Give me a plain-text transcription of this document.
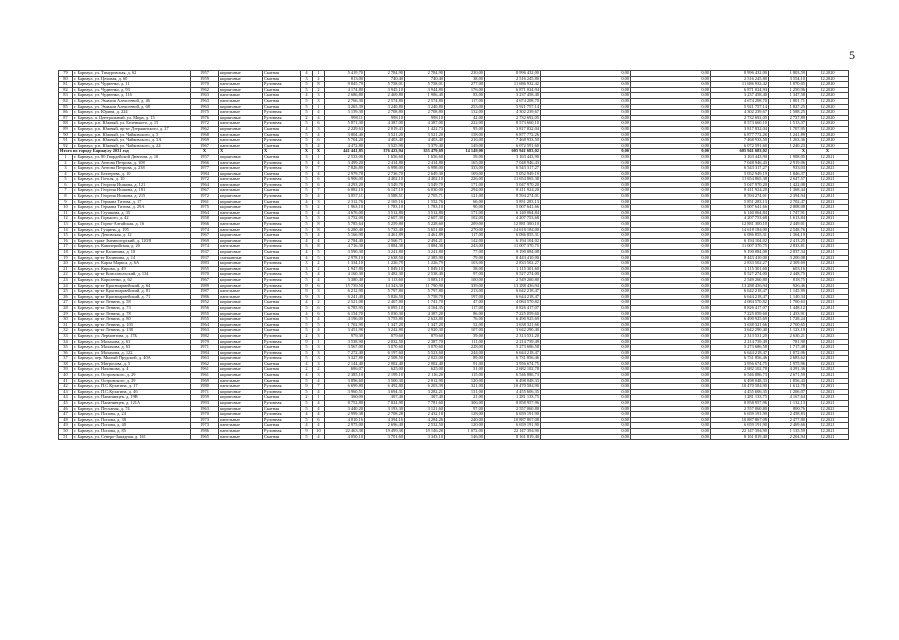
5
79	г. Барнаул, ул. Тимуровская, д. 62	1957	кирпичные	Скатная	4	1	5 419,70	2 784,90	2 784,90	230,00	8 996 432,00	0,00	0,00	8 996 432,00	1 803,59	12.2020
80	г. Барнаул, ул. Цеховая, д. 60	1959	кирпичные	Скатная	3	2	813,00	740,40	740,40	38,00	2 516 245,80	0,00	0,00	2 516 245,80	3 554,10	12.2020
81	г. Барнаул, ул. Чудненко, д. 11	1970	панельные	Рулонная	5	8	9 845,79	5 758,01	5 758,01	277,00	11 686 932,42	0,00	0,00	11 686 932,42	1 070,05	12.2020
82	г. Барнаул, ул. Чудненко, д. 93	1962	кирпичные	Скатная	5	2	4 174,80	3 945,10	3 944,80	176,00	6 871 024,94	0,00	0,00	6 871 024,94	1 250,96	12.2020
83	г. Барнаул, ул. Чудненко, д. 116	1963	панельные	Скатная	4	3	2 686,80	2 469,80	1 986,40	83,00	3 237 458,40	0,00	0,00	3 237 458,40	1 347,58	12.2020
84	г. Барнаул, ул. Эмилии Алексеевой, д. 46	1963	панельные	Скатная	5	3	2 766,30	2 574,80	2 574,80	117,00	4 674 208,70	0,00	0,00	4 674 208,70	1 801,71	12.2020
85	г. Барнаул, ул. Эмилии Алексеевой, д. 68	1963	кирпичные	Скатная	5	1	3 265,39	3 240,80	3 240,80	253,00	5 921 757,14	0,00	0,00	5 921 757,14	1 827,25	12.2020
86	г. Барнаул, ул. Юрина, д. 224	1975	панельные	Рулонная	5	4	3 159,30	2 708,80	2 708,80	132,00	4 302 239,67	0,00	0,00	4 302 239,67	1 588,25	12.2020
87	г. Барнаул, п. Центральный, ул. Мира, д. 15	1976	кирпичные	Рулонная	2	4	998,11	998,10	998,10	42,00	2 732 692,05	0,00	0,00	2 732 692,05	2 737,89	12.2020
88	г. Барнаул, р.п. Южный, ул. Беленького, д. 15	1972	панельные	Рулонная	5	6	5 871,30	4 387,00	4 387,00	222,00	8 573 660,10	0,00	0,00	8 573 660,10	1 513,37	12.2020
89	г. Барнаул, р.п. Южный, пр-кт Дзержинского, д. 27	1962	кирпичные	Скатная	4	3	2 229,63	2 019,43	1 422,73	95,00	3 817 832,04	0,00	0,00	3 817 832,04	1 707,95	12.2020
90	г. Барнаул, р.п. Южный, ул. Чайковского, д. 5	1968	панельные	Скатная	5	4	3 804,40	3 521,20	3 521,20	158,00	6 877 772,26	0,00	0,00	6 877 772,26	1 241,89	12.2020
91	г. Барнаул, р.п. Южный, ул. Чайковского, д. 5А	1969	панельные	Рулонная	5	6	5 704,20	4 403,40	4 403,40	216,00	7 468 933,50	0,00	0,00	7 468 933,50	1 263,36	12.2020
92	г. Барнаул, р.п. Южный, ул. Чайковского, д. 24	1967	панельные	Скатная	5	4	4 472,80	3 525,90	3 379,40	149,00	6 072 591,60	0,00	0,00	6 072 591,60	1 240,23	12.2020
Итого по городу Барнаулу 2031 год		X	X	X	X	X	441 441,85	376 423,94	355 479,69	14 149,00	605 941 683,02	0,00	0,00	605 941 683,02	X	X
1	г. Барнаул, ул. 80 Гвардейской Дивизии, д. 10	1957	кирпичные	Скатная	3	1	2 533,00	1 656,60	1 656,60	59,00	3 163 443,90	0,00	0,00	3 163 443,90	1 908,05	12.2021
2	г. Барнаул, ул. Антона Петрова, д. 108	1966	панельные	Рулонная	5	4	3 499,20	2 414,80	2 414,80	165,00	7 048 946,43	0,00	0,00	7 048 946,43	2 919,06	12.2021
3	г. Барнаул, ул. Антона Петрова, д. 238	1977	панельные	Рулонная	9	7	7 826,80	6 998,00	6 998,00	333,00	6 543 317,27	0,00	0,00	6 543 317,27	933,03	12.2021
4	г. Барнаул, ул. Бехтерева, д. 10	1984	кирпичные	Скатная	5	4	2 979,78	2 736,70	2 649,30	109,00	5 052 949,19	0,00	0,00	5 052 949,19	1 846,37	12.2021
5	г. Барнаул, ул. Гоголя, д. 10	1972	панельные	Рулонная	5	6	6 906,00	4 402,10	4 402,10	226,00	11 654 865,38	0,00	0,00	11 654 865,38	2 647,57	12.2021
6	г. Барнаул, ул. Георгия Исакова, д. 121	1964	панельные	Рулонная	5	6	4 293,20	3 549,70	3 549,70	171,00	5 047 970,20	0,00	0,00	5 047 970,20	1 422,08	12.2021
7	г. Барнаул, ул. Георгия Исакова, д. 181	1967	панельные	Скатная	5	7	6 882,10	6 147,10	6 030,00	294,00	8 411 924,20	0,00	0,00	8 411 924,20	1 368,44	12.2021
8	г. Барнаул, ул. Георгия Исакова, д. 215	1972	кирпичные	Рулонная	5	4	3 857,11	3 588,51	2 705,71	121,00	8 594 274,01	0,00	0,00	8 594 274,01	2 394,94	12.2021
9	г. Барнаул, ул. Германа Титова, д. 17	1961	кирпичные	Скатная	4	3	2 312,76	2 165,16	1 552,76	66,00	5 851 283,13	0,00	0,00	5 851 283,13	2 702,47	12.2021
10	г. Барнаул, ул. Германа Титова, д. 29А	1975	кирпичные	Рулонная	5	2	1 963,10	1 783,10	1 783,10	90,00	5 007 641,66	0,00	0,00	5 007 641,66	2 808,08	12.2021
11	г. Барнаул, ул. Глушкова, д. 35	1964	панельные	Скатная	5	4	4 676,00	3 512,80	3 512,80	171,00	6 140 064,84	0,00	0,00	6 140 064,84	1 747,91	12.2021
12	г. Барнаул, ул. Горького, д. 42	1958	кирпичные	Скатная	5	3	3 752,00	2 607,30	2 607,30	102,00	4 207 753,68	0,00	0,00	4 207 753,68	1 613,84	12.2021
13	г. Барнаул, ул. Горно-Алтайская, д. 16	1966	панельные	Рулонная	5	8	5 785,64	5 259,80	5 228,60	209,00	12 881 300,10	0,00	0,00	12 881 300,10	2 449,01	12.2021
14	г. Барнаул, ул. Гущина, д. 195	1974	панельные	Рулонная	5	8	6 280,40	5 735,40	5 651,80	270,00	14 618 184,00	0,00	0,00	14 618 184,00	2 548,76	12.2021
15	г. Барнаул, ул. Деповская, д. 12	1967	кирпичные	Скатная	5	4	5 166,90	4 461,89	4 461,89	117,00	6 086 855,31	0,00	0,00	6 086 855,31	1 364,19	12.2021
16	г. Барнаул, тракт Змеиногорский, д. 120/8	1969	кирпичные	Рулонная	4	4	2 784,40	2 566,71	2 494,21	142,00	6 194 104,02	0,00	0,00	6 194 104,02	2 413,25	12.2021
17	г. Барнаул, ул. Кавалерийская, д. 20	1974	панельные	Рулонная	5	8	4 716,30	3 884,30	3 884,30	243,00	11 007 370,75	0,00	0,00	11 007 370,75	2 833,81	12.2021
18	г. Барнаул, пр-кт Калинина, д. 10	1937	кирпичные	Скатная	4	5	3 590,30	3 241,80	3 241,80	77,00	9 190 084,08	0,00	0,00	9 190 084,08	2 837,34	12.2021
19	г. Барнаул, пр-кт Калинина, д. 14	1937	смешанные	Скатная	4	5	2 978,10	2 638,50	2 385,90	79,00	8 443 410,00	0,00	0,00	8 443 410,00	3 200,08	12.2021
20	г. Барнаул, ул. Карла Маркса, д. 6А	1983	кирпичные	Рулонная	3	2	1 334,10	1 226,79	1 226,79	103,00	2 833 502,27	0,00	0,00	2 833 502,27	2 309,69	12.2021
21	г. Барнаул, ул. Кирова, д. 49	1955	кирпичные	Скатная	3	2	1 947,80	1 849,10	1 849,10	58,00	1 115 301,60	0,00	0,00	1 115 301,60	603,16	12.2021
22	г. Барнаул, пр-кт Комсомольский, д. 134	1970	кирпичные	Рулонная	5	4	4 160,30	3 482,30	2 538,40	97,00	8 527 274,00	0,00	0,00	8 527 274,00	2 448,75	12.2021
23	г. Барнаул, ул. Короленко, д. 62	1967	кирпичные	Рулонная	5	4	3 380,40	3 113,60	3 083,10	100,00	2 549 260,80	0,00	0,00	2 549 260,80	818,75	12.2021
24	г. Барнаул, пр-кт Красноармейский, д. 64	1989	кирпичные	Рулонная	9	6	15 739,50	14 343,30	11 790,90	339,00	13 288 436,94	0,00	0,00	13 288 436,94	926,46	12.2021
25	г. Барнаул, пр-кт Красноармейский, д. 81	1987	панельные	Рулонная	9	3	6 212,90	5 797,80	5 797,80	213,00	6 642 218,47	0,00	0,00	6 642 218,47	1 145,99	12.2021
26	г. Барнаул, пр-кт Красноармейский, д. 71	1986	панельные	Рулонная	9	3	6 241,40	5 826,50	5 758,70	197,00	6 644 218,47	0,00	0,00	6 644 218,47	1 140,34	12.2021
27	г. Барнаул, пр-кт Ленина, д. 58	1952	кирпичные	Скатная	4	2	2 521,08	2 407,80	1 741,70	47,00	4 084 570,82	0,00	0,00	4 084 570,82	1 700,63	12.2021
28	г. Барнаул, пр-кт Ленина, д. 73	1956	кирпичные	Скатная	5	6	6 785,95	6 095,10	4 164,35	117,00	8 826 417,07	0,00	0,00	8 826 417,07	1 448,12	12.2021
29	г. Барнаул, пр-кт Ленина, д. 78	1955	кирпичные	Скатная	4	6	6 154,70	5 030,30	4 387,20	86,00	7 225 059,60	0,00	0,00	7 225 059,60	1 433,91	12.2021
30	г. Барнаул, пр-кт Ленина, д. 80	1955	кирпичные	Скатная	5	4	4 196,00	3 755,80	2 623,80	76,00	6 490 925,69	0,00	0,00	6 490 925,69	1 728,24	12.2021
31	г. Барнаул, пр-кт Ленина, д. 103	1964	кирпичные	Скатная	5	5	1 702,90	1 347,20	1 347,20	52,00	3 638 321,66	0,00	0,00	3 638 321,66	2 700,65	12.2021
32	г. Барнаул, пр-кт Ленина, д. 138	1963	кирпичные	Скатная	5	4	3 451,98	3 242,80	2 920,30	107,00	3 642 290,40	0,00	0,00	3 642 290,40	1 123,19	12.2021
33	г. Барнаул, ул. Лермонтова, д. 17Б	1982	кирпичные	Рулонная	2	3	979,30	879,60	879,60	39,00	2 313 531,20	0,00	0,00	2 313 531,20	2 630,21	12.2021
34	г. Барнаул, ул. Малахова, д. 61	1979	кирпичные	Рулонная	9	1	3 538,90	2 832,50	2 387,70	111,00	2 214 739,49	0,00	0,00	2 214 739,49	781,90	12.2021
35	г. Барнаул, ул. Малахова, д. 63	1971	кирпичные	Скатная	5	3	3 567,00	3 070,60	3 070,60	228,00	5 273 686,58	0,00	0,00	5 273 686,58	1 717,48	12.2021
36	г. Барнаул, ул. Малахова, д. 122	1984	кирпичные	Рулонная	5	3	7 272,40	6 197,60	5 523,60	244,00	6 644 218,47	0,00	0,00	6 644 218,47	1 072,06	12.2021
37	г. Барнаул, пер. Мылый Прудской, д. 40А	1963	кирпичные	Рулонная	5	3	3 327,80	2 508,50	2 023,00	89,00	6 731 856,46	0,00	0,00	6 731 856,46	2 683,62	12.2021
38	г. Барнаул, ул. Матросова, д. 5	1962	кирпичные	Скатная	4	3	2 144,40	2 002,40	2 002,40	91,00	3 956 674,75	0,00	0,00	3 956 674,75	1 975,96	12.2021
39	г. Барнаул, ул. Нахимова, д. 4	1961	кирпичные	Скатная	2	2	686,07	625,00	625,00	31,00	2 682 102,78	0,00	0,00	2 682 102,78	4 291,36	12.2021
40	г. Барнаул, ул. Островского, д. 29	1961	кирпичные	Скатная	4	3	2 385,10	2 199,10	2 116,20	115,00	6 546 886,73	0,00	0,00	6 546 886,73	2 671,59	12.2021
41	г. Барнаул, ул. Островского, д. 29	1969	панельные	Скатная	5	4	3 896,60	3 500,30	2 812,90	120,00	6 498 048,33	0,00	0,00	6 498 048,33	1 856,43	12.2021
42	г. Барнаул, ул. П.С.Кулагина, д. 17	1980	панельные	Рулонная	9	7	6 699,80	6 492,80	6 203,39	321,00	10 470 584,90	0,00	0,00	10 470 584,90	1 612,78	12.2021
43	г. Барнаул, ул. П.С.Кулагина, д. 46	1971	кирпичные	Рулонная	5	4	3 960,51	3 694,31	3 282,21	131,00	4 455 606,35	0,00	0,00	4 455 606,35	1 206,07	12.2021
44	г. Барнаул, ул. Папанинцев, д. 19В	1959	кирпичные	Скатная	2	1	360,00	307,40	307,40	21,00	1 281 133,75	0,00	0,00	1 281 133,75	4 167,64	12.2021
45	г. Барнаул, ул. Папанинцев, д. 121А	1993	кирпичные	Рулонная	5	4	8 752,80	7 824,90	7 781,60	306,00	8 858 957,96	0,00	0,00	8 858 957,96	1 132,13	12.2021
46	г. Барнаул, ул. Песчаная, д. 74	1963	кирпичные	Скатная	5	4	3 440,20	3 193,30	3 121,60	97,00	2 557 060,80	0,00	0,00	2 557 060,80	800,76	12.2021
47	г. Барнаул, ул. Попова, д. 24	1970	кирпичные	Рулонная	4	4	2 999,38	2 708,28	2 432,18	128,00	6 659 191,90	0,00	0,00	6 659 191,90	2 458,83	12.2021
48	г. Барнаул, ул. Попова, д. 38	1973	панельные	Рулонная	5	6	4 810,16	4 394,16	4 284,26	240,00	10 887 867,08	0,00	0,00	10 887 867,08	2 477,80	12.2021
49	г. Барнаул, ул. Попова, д. 40	1973	панельные	Скатная	4	4	2 975,00	2 696,40	2 532,50	120,00	6 659 191,90	0,00	0,00	6 659 191,90	2 469,66	12.2021
50	г. Барнаул, ул. Попова, д. 85	1986	панельные	Рулонная	9	10	22 463,38	19 499,38	19 146,28	1 072,00	22 147 394,90	0,00	0,00	22 147 394,90	1 135,59	12.2021
51	г. Барнаул, ул. Северо-Западная, д. 161	1965	панельные	Скатная	5	4	4 050,10	3 701,60	3 343,10	146,00	8 161 819,40	0,00	0,00	8 161 819,40	2 204,94	12.2021
